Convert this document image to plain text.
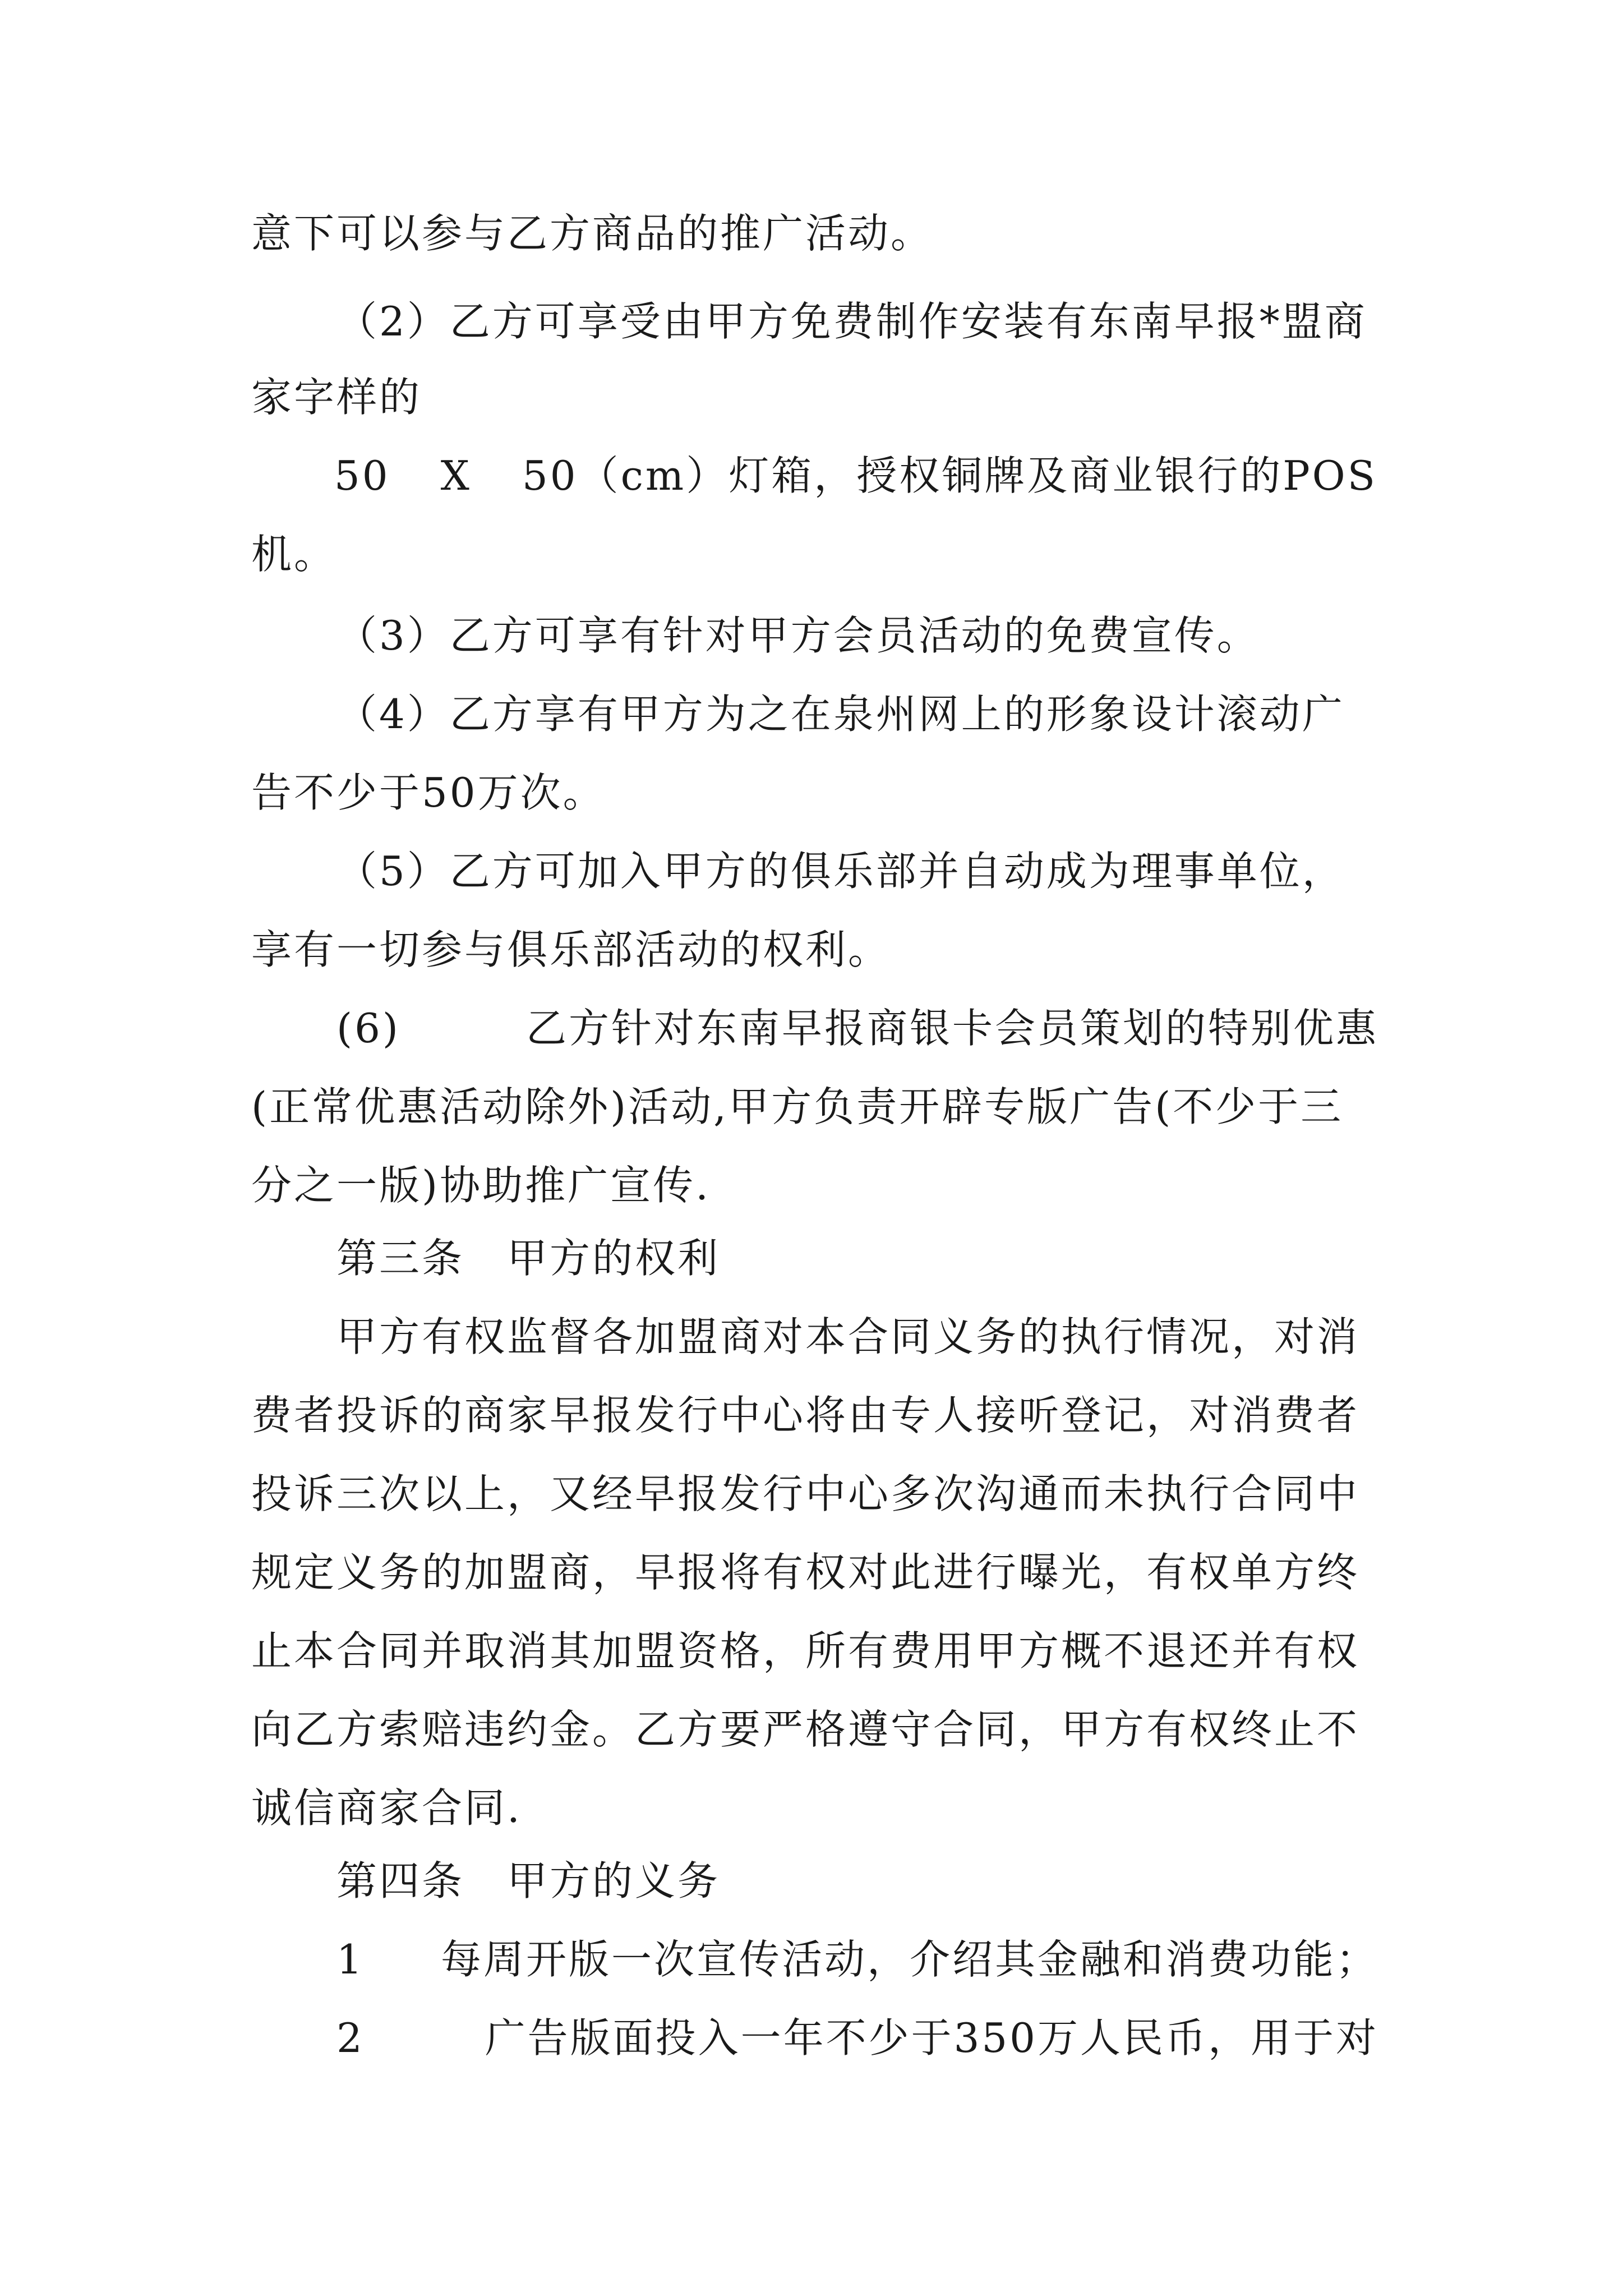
意下可以参与乙方商品的推广活动。
（2）乙方可享受由甲方免费制作安装有东南早报*盟商
家字样的
50 X 50（cm）灯箱，授权铜牌及商业银行的POS
机。
（3）乙方可享有针对甲方会员活动的免费宣传。
（4）乙方享有甲方为之在泉州网上的形象设计滚动广
告不少于50万次。
（5）乙方可加入甲方的俱乐部并自动成为理事单位，
享有一切参与俱乐部活动的权利。
(6)	乙方针对东南早报商银卡会员策划的特别优惠
(正常优惠活动除外)活动,甲方负责开辟专版广告(不少于三
分之一版)协助推广宣传.
第三条　甲方的权利
甲方有权监督各加盟商对本合同义务的执行情况，对消
费者投诉的商家早报发行中心将由专人接听登记，对消费者
投诉三次以上，又经早报发行中心多次沟通而未执行合同中
规定义务的加盟商，早报将有权对此进行曝光，有权单方终
止本合同并取消其加盟资格，所有费用甲方概不退还并有权
向乙方索赔违约金。乙方要严格遵守合同，甲方有权终止不
诚信商家合同.
第四条　甲方的义务
1 每周开版一次宣传活动，介绍其金融和消费功能；
2	广告版面投入一年不少于350万人民币，用于对
